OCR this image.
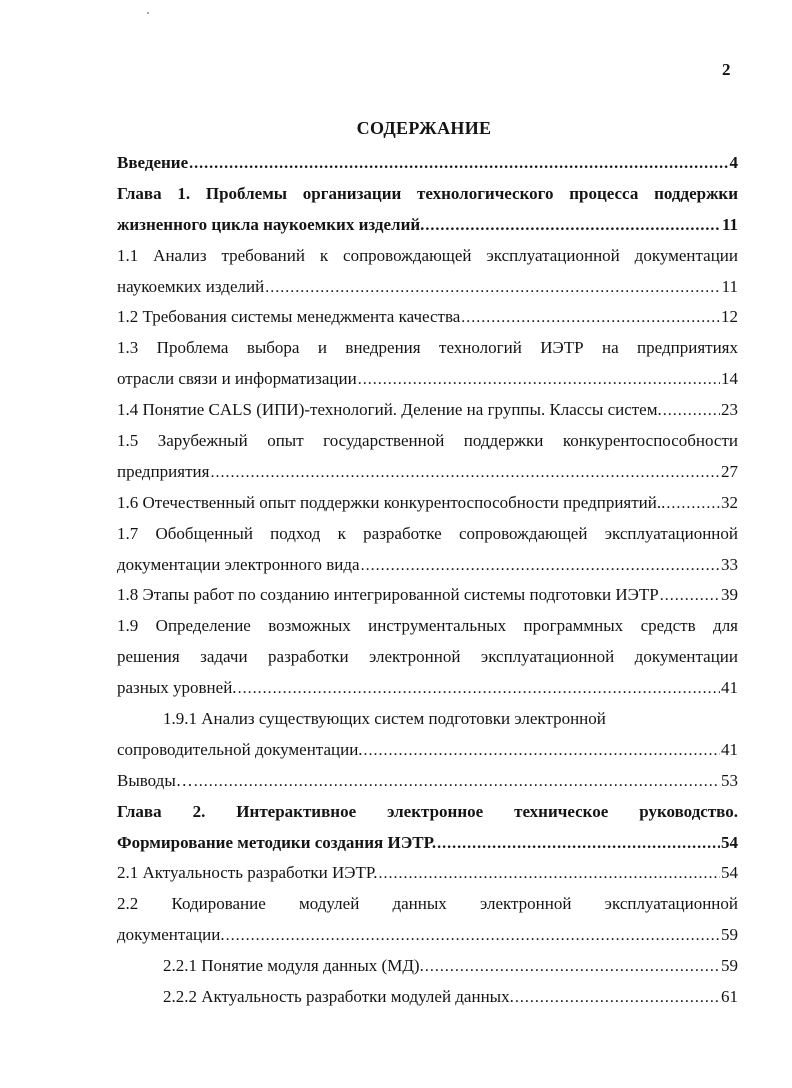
2
СОДЕРЖАНИЕ
Введение .....	4
Глава 1. Проблемы организации технологического процесса поддержки
жизненного цикла наукоемких изделий. .....	11
1.1 Анализ требований к сопровождающей эксплуатационной документации
наукоемких изделий .....	11
1.2 Требования системы менеджмента качества .....	12
1.3 Проблема выбора и внедрения технологий ИЭТР на предприятиях
отрасли связи и информатизации .....	14
1.4 Понятие CALS (ИПИ)-технологий. Деление на группы. Классы систем. .....	23
1.5 Зарубежный опыт государственной поддержки конкурентоспособности
предприятия .....	27
1.6 Отечественный опыт поддержки конкурентоспособности предприятий.. .....	32
1.7 Обобщенный подход к разработке сопровождающей эксплуатационной
документации электронного вида .....	33
1.8 Этапы работ по созданию интегрированной системы подготовки ИЭТР .....	39
1.9 Определение возможных инструментальных программных средств для
решения задачи разработки электронной эксплуатационной документации
разных уровней. .....	41
1.9.1 Анализ существующих систем подготовки электронной
сопроводительной документации. .....	41
Выводы… .....	53
Глава 2. Интерактивное электронное техническое руководство.
Формирование методики создания ИЭТР. .....	54
2.1 Актуальность разработки ИЭТР. .....	54
2.2 Кодирование модулей данных электронной эксплуатационной
документации. .....	59
2.2.1 Понятие модуля данных (МД). .....	59
2.2.2 Актуальность разработки модулей данных. .....	61
